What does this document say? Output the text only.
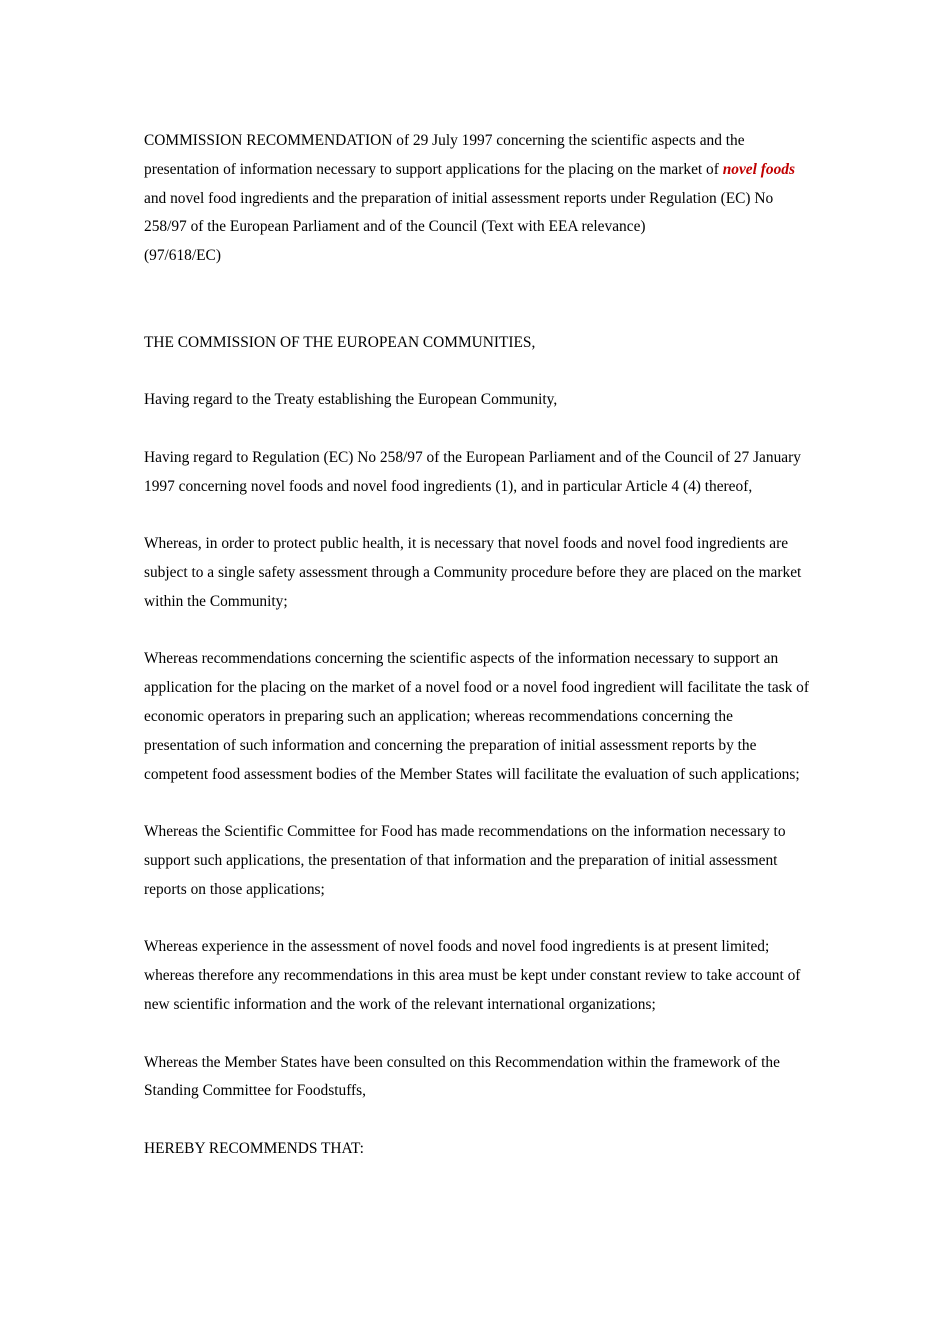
COMMISSION RECOMMENDATION of 29 July 1997 concerning the scientific aspects and the presentation of information necessary to support applications for the placing on the market of novel foods and novel food ingredients and the preparation of initial assessment reports under Regulation (EC) No 258/97 of the European Parliament and of the Council (Text with EEA relevance)

(97/618/EC)

THE COMMISSION OF THE EUROPEAN COMMUNITIES,

Having regard to the Treaty establishing the European Community,

Having regard to Regulation (EC) No 258/97 of the European Parliament and of the Council of 27 January 1997 concerning novel foods and novel food ingredients (1), and in particular Article 4 (4) thereof,

Whereas, in order to protect public health, it is necessary that novel foods and novel food ingredients are subject to a single safety assessment through a Community procedure before they are placed on the market within the Community;

Whereas recommendations concerning the scientific aspects of the information necessary to support an application for the placing on the market of a novel food or a novel food ingredient will facilitate the task of economic operators in preparing such an application; whereas recommendations concerning the presentation of such information and concerning the preparation of initial assessment reports by the competent food assessment bodies of the Member States will facilitate the evaluation of such applications;

Whereas the Scientific Committee for Food has made recommendations on the information necessary to support such applications, the presentation of that information and the preparation of initial assessment reports on those applications;

Whereas experience in the assessment of novel foods and novel food ingredients is at present limited; whereas therefore any recommendations in this area must be kept under constant review to take account of new scientific information and the work of the relevant international organizations;

Whereas the Member States have been consulted on this Recommendation within the framework of the Standing Committee for Foodstuffs,

HEREBY RECOMMENDS THAT:
